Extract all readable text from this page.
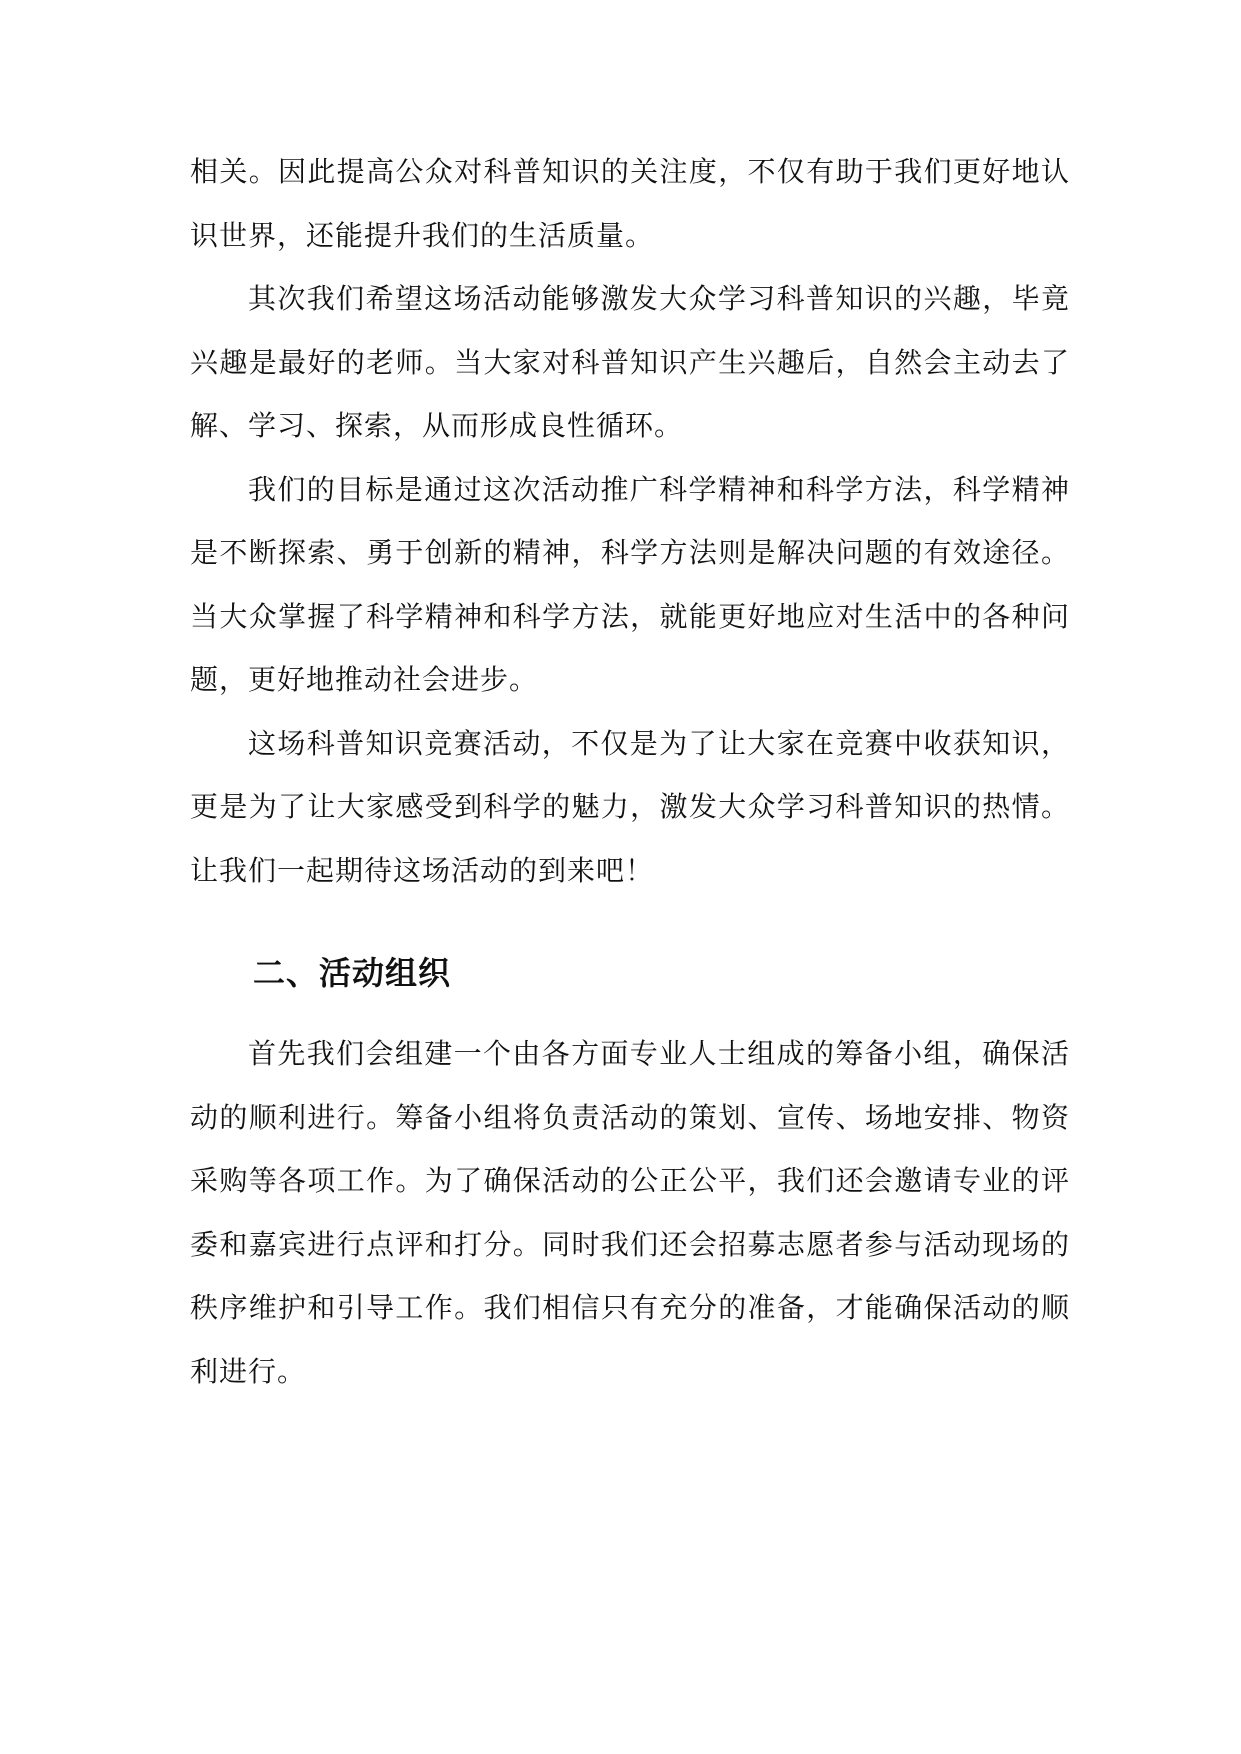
相关。因此提高公众对科普知识的关注度，不仅有助于我们更好地认识世界，还能提升我们的生活质量。

其次我们希望这场活动能够激发大众学习科普知识的兴趣，毕竟兴趣是最好的老师。当大家对科普知识产生兴趣后，自然会主动去了解、学习、探索，从而形成良性循环。

我们的目标是通过这次活动推广科学精神和科学方法，科学精神是不断探索、勇于创新的精神，科学方法则是解决问题的有效途径。当大众掌握了科学精神和科学方法，就能更好地应对生活中的各种问题，更好地推动社会进步。

这场科普知识竞赛活动，不仅是为了让大家在竞赛中收获知识，更是为了让大家感受到科学的魅力，激发大众学习科普知识的热情。让我们一起期待这场活动的到来吧！

二、活动组织

首先我们会组建一个由各方面专业人士组成的筹备小组，确保活动的顺利进行。筹备小组将负责活动的策划、宣传、场地安排、物资采购等各项工作。为了确保活动的公正公平，我们还会邀请专业的评委和嘉宾进行点评和打分。同时我们还会招募志愿者参与活动现场的秩序维护和引导工作。我们相信只有充分的准备，才能确保活动的顺利进行。
